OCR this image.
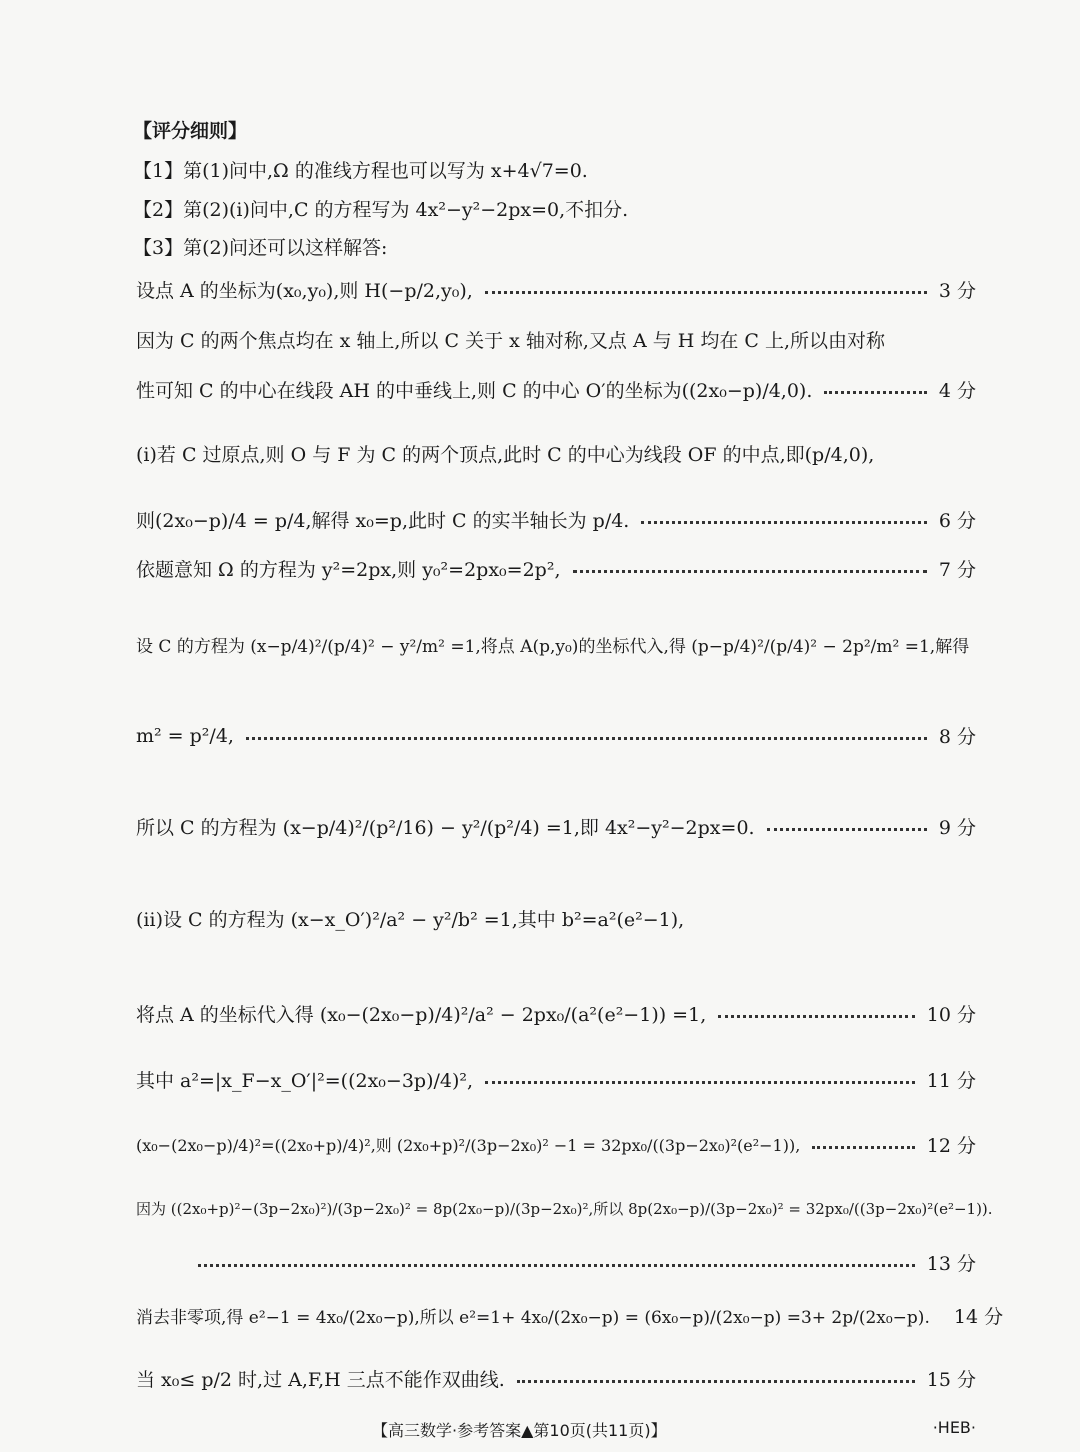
【评分细则】
【1】第(1)问中,Ω 的准线方程也可以写为 x+4√7=0.
【2】第(2)(ⅰ)问中,C 的方程写为 4x²−y²−2px=0,不扣分.
【3】第(2)问还可以这样解答:
设点 A 的坐标为(x₀,y₀),则 H(−p/2,y₀),	3 分
因为 C 的两个焦点均在 x 轴上,所以 C 关于 x 轴对称,又点 A 与 H 均在 C 上,所以由对称
性可知 C 的中心在线段 AH 的中垂线上,则 C 的中心 O′的坐标为((2x₀−p)/4,0).	4 分
(ⅰ)若 C 过原点,则 O 与 F 为 C 的两个顶点,此时 C 的中心为线段 OF 的中点,即(p/4,0),
则(2x₀−p)/4 = p/4,解得 x₀=p,此时 C 的实半轴长为 p/4.	6 分
依题意知 Ω 的方程为 y²=2px,则 y₀²=2px₀=2p²,	7 分
设 C 的方程为 (x−p/4)²/(p/4)² − y²/m² =1,将点 A(p,y₀)的坐标代入,得 (p−p/4)²/(p/4)² − 2p²/m² =1,解得
m² = p²/4,	8 分
所以 C 的方程为 (x−p/4)²/(p²/16) − y²/(p²/4) =1,即 4x²−y²−2px=0.	9 分
(ⅱ)设 C 的方程为 (x−x_O′)²/a² − y²/b² =1,其中 b²=a²(e²−1),
将点 A 的坐标代入得 (x₀−(2x₀−p)/4)²/a² − 2px₀/(a²(e²−1)) =1,	10 分
其中 a²=|x_F−x_O′|²=((2x₀−3p)/4)²,	11 分
(x₀−(2x₀−p)/4)²=((2x₀+p)/4)²,则 (2x₀+p)²/(3p−2x₀)² −1 = 32px₀/((3p−2x₀)²(e²−1)),	12 分
因为 ((2x₀+p)²−(3p−2x₀)²)/(3p−2x₀)² = 8p(2x₀−p)/(3p−2x₀)²,所以 8p(2x₀−p)/(3p−2x₀)² = 32px₀/((3p−2x₀)²(e²−1)).
13 分
消去非零项,得 e²−1 = 4x₀/(2x₀−p),所以 e²=1+ 4x₀/(2x₀−p) = (6x₀−p)/(2x₀−p) =3+ 2p/(2x₀−p). 14 分
当 x₀≤ p/2 时,过 A,F,H 三点不能作双曲线.	15 分
【高三数学·参考答案▲第10页(共11页)】	·HEB·
